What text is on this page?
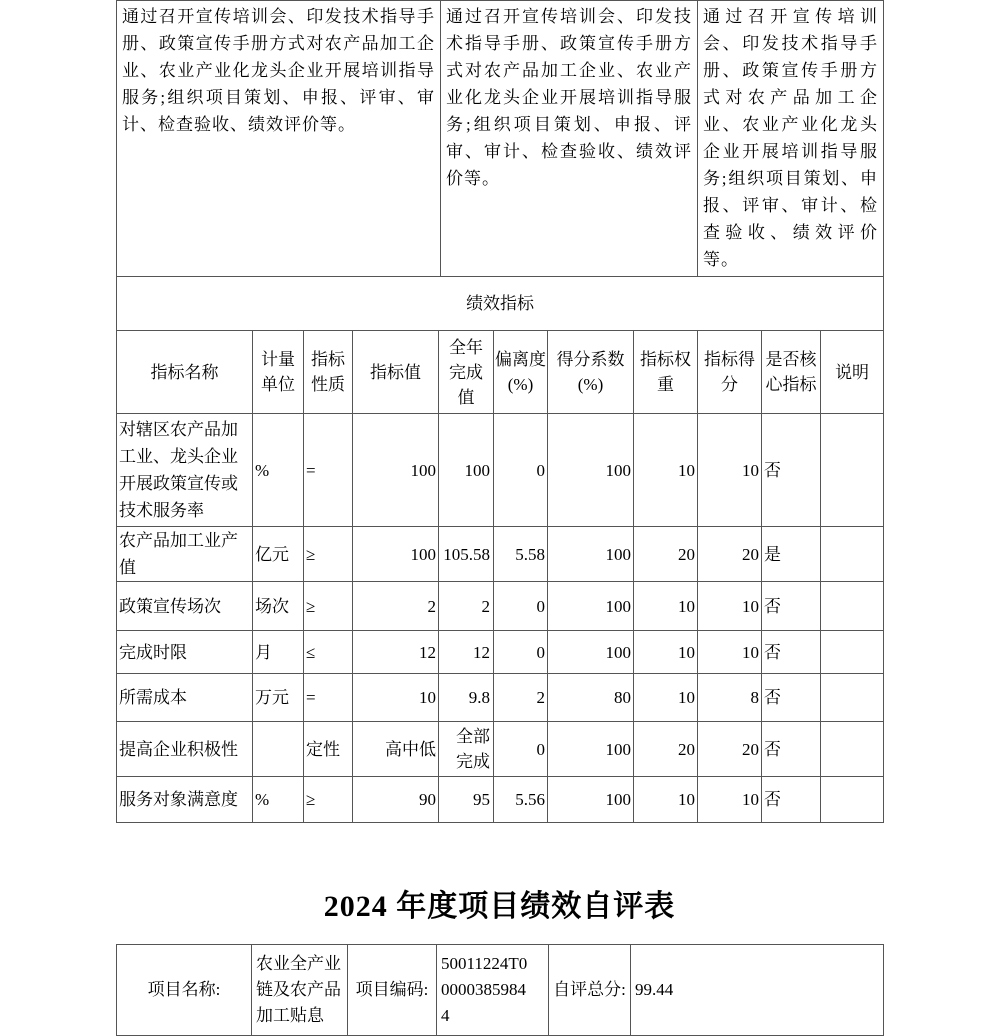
通过召开宣传培训会、印发技术指导手册、政策宣传手册方式对农产品加工企业、农业产业化龙头企业开展培训指导服务;组织项目策划、申报、评审、审计、检查验收、绩效评价等。	通过召开宣传培训会、印发技术指导手册、政策宣传手册方式对农产品加工企业、农业产业化龙头企业开展培训指导服务;组织项目策划、申报、评审、审计、检查验收、绩效评价等。	通过召开宣传培训会、印发技术指导手册、政策宣传手册方式对农产品加工企业、农业产业化龙头企业开展培训指导服务;组织项目策划、申报、评审、审计、检查验收、绩效评价等。
绩效指标										
指标名称	计量单位	指标性质	指标值	全年完成值	偏离度(%)	得分系数(%)	指标权重	指标得分	是否核心指标	说明
对辖区农产品加工业、龙头企业开展政策宣传或技术服务率	%	=	100	100	0	100	10	10	否	
农产品加工业产值	亿元	≥	100	105.58	5.58	100	20	20	是	
政策宣传场次	场次	≥	2	2	0	100	10	10	否	
完成时限	月	≤	12	12	0	100	10	10	否	
所需成本	万元	=	10	9.8	2	80	10	8	否	
提高企业积极性		定性	高中低	全部完成	0	100	20	20	否	
服务对象满意度	%	≥	90	95	5.56	100	10	10	否	
2024 年度项目绩效自评表
项目名称:	农业全产业链及农产品加工贴息	项目编码:	50011224T000003859844	自评总分:	99.44
